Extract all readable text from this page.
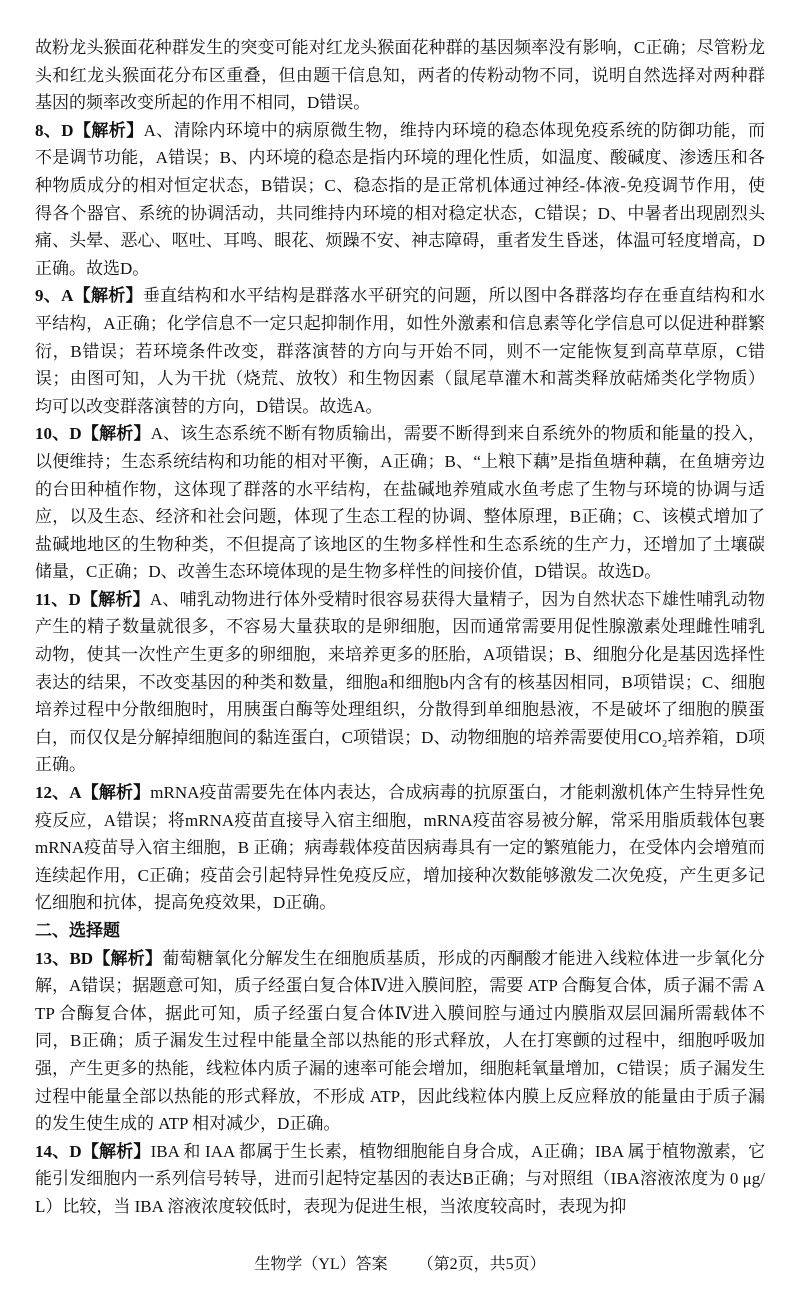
故粉龙头猴面花种群发生的突变可能对红龙头猴面花种群的基因频率没有影响，C正确；尽管粉龙头和红龙头猴面花分布区重叠，但由题干信息知，两者的传粉动物不同，说明自然选择对两种群基因的频率改变所起的作用不相同，D错误。

8、D【解析】A、清除内环境中的病原微生物，维持内环境的稳态体现免疫系统的防御功能，而不是调节功能，A错误；B、内环境的稳态是指内环境的理化性质，如温度、酸碱度、渗透压和各种物质成分的相对恒定状态，B错误；C、稳态指的是正常机体通过神经-体液-免疫调节作用，使得各个器官、系统的协调活动，共同维持内环境的相对稳定状态，C错误；D、中暑者出现剧烈头痛、头晕、恶心、呕吐、耳鸣、眼花、烦躁不安、神志障碍，重者发生昏迷，体温可轻度增高，D正确。故选D。

9、A【解析】垂直结构和水平结构是群落水平研究的问题，所以图中各群落均存在垂直结构和水平结构，A正确；化学信息不一定只起抑制作用，如性外激素和信息素等化学信息可以促进种群繁衍，B错误；若环境条件改变，群落演替的方向与开始不同，则不一定能恢复到高草草原，C错误；由图可知，人为干扰（烧荒、放牧）和生物因素（鼠尾草灌木和蒿类释放萜烯类化学物质）均可以改变群落演替的方向，D错误。故选A。

10、D【解析】A、该生态系统不断有物质输出，需要不断得到来自系统外的物质和能量的投入，以便维持；生态系统结构和功能的相对平衡，A正确；B、“上粮下藕”是指鱼塘种藕，在鱼塘旁边的台田种植作物，这体现了群落的水平结构，在盐碱地养殖咸水鱼考虑了生物与环境的协调与适应，以及生态、经济和社会问题，体现了生态工程的协调、整体原理，B正确；C、该模式增加了盐碱地地区的生物种类，不但提高了该地区的生物多样性和生态系统的生产力，还增加了土壤碳储量，C正确；D、改善生态环境体现的是生物多样性的间接价值，D错误。故选D。

11、D【解析】A、哺乳动物进行体外受精时很容易获得大量精子，因为自然状态下雄性哺乳动物产生的精子数量就很多，不容易大量获取的是卵细胞，因而通常需要用促性腺激素处理雌性哺乳动物，使其一次性产生更多的卵细胞，来培养更多的胚胎，A项错误；B、细胞分化是基因选择性表达的结果，不改变基因的种类和数量，细胞a和细胞b内含有的核基因相同，B项错误；C、细胞培养过程中分散细胞时，用胰蛋白酶等处理组织，分散得到单细胞悬液，不是破坏了细胞的膜蛋白，而仅仅是分解掉细胞间的黏连蛋白，C项错误；D、动物细胞的培养需要使用CO₂培养箱，D项正确。

12、A【解析】mRNA疫苗需要先在体内表达，合成病毒的抗原蛋白，才能刺激机体产生特异性免疫反应，A错误；将mRNA疫苗直接导入宿主细胞，mRNA疫苗容易被分解，常采用脂质载体包裹mRNA疫苗导入宿主细胞，B 正确；病毒载体疫苗因病毒具有一定的繁殖能力，在受体内会增殖而连续起作用，C正确；疫苗会引起特异性免疫反应，增加接种次数能够激发二次免疫，产生更多记忆细胞和抗体，提高免疫效果，D正确。

二、选择题

13、BD【解析】葡萄糖氧化分解发生在细胞质基质，形成的丙酮酸才能进入线粒体进一步氧化分解，A错误；据题意可知，质子经蛋白复合体Ⅳ进入膜间腔，需要 ATP 合酶复合体，质子漏不需 ATP 合酶复合体，据此可知，质子经蛋白复合体Ⅳ进入膜间腔与通过内膜脂双层回漏所需载体不同，B正确；质子漏发生过程中能量全部以热能的形式释放，人在打寒颤的过程中，细胞呼吸加强，产生更多的热能，线粒体内质子漏的速率可能会增加，细胞耗氧量增加，C错误；质子漏发生过程中能量全部以热能的形式释放，不形成 ATP，因此线粒体内膜上反应释放的能量由于质子漏的发生使生成的 ATP 相对减少，D正确。

14、D【解析】IBA 和 IAA 都属于生长素，植物细胞能自身合成，A正确；IBA 属于植物激素，它能引发细胞内一系列信号转导，进而引起特定基因的表达B正确；与对照组（IBA溶液浓度为 0 μg/L）比较，当 IBA 溶液浓度较低时，表现为促进生根，当浓度较高时，表现为抑

生物学（YL）答案 （第2页，共5页）
